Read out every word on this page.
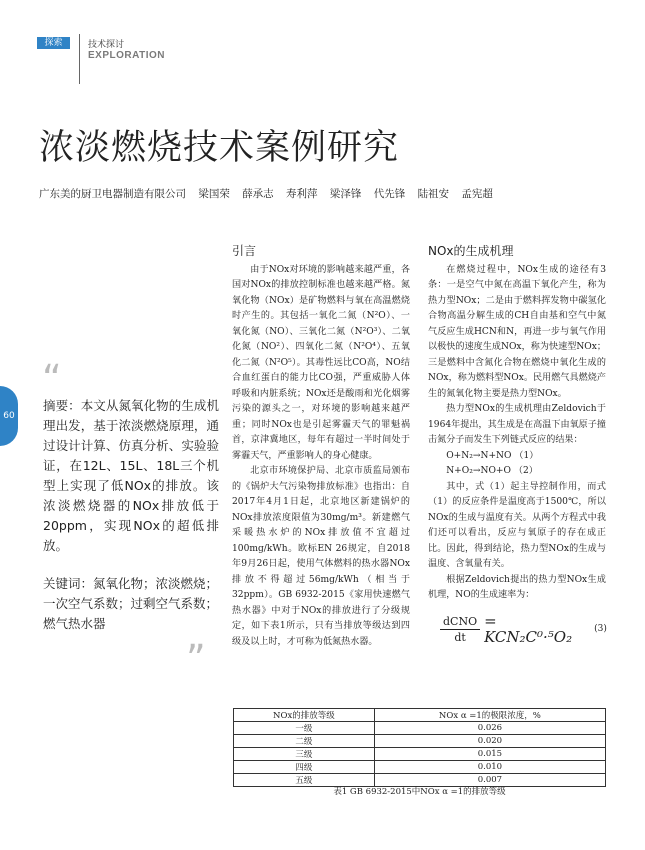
探索	技术探讨
EXPLORATION
浓淡燃烧技术案例研究
广东美的厨卫电器制造有限公司 梁国荣 薛承志 寿利萍 梁泽锋 代先锋 陆祖安 孟宪超
60
“
摘要：本文从氮氧化物的生成机理出发，基于浓淡燃烧原理，通过设计计算、仿真分析、实验验证，在12L、15L、18L三个机型上实现了低NOx的排放。该浓淡燃烧器的NOx排放低于20ppm，实现NOx的超低排放。
关键词：氮氧化物；浓淡燃烧；一次空气系数；过剩空气系数；燃气热水器
”
引言

由于NOx对环境的影响越来越严重，各国对NOx的排放控制标准也越来越严格。氮氧化物（NOx）是矿物燃料与氧在高温燃烧时产生的。其包括一氧化二氮（N²O）、一氧化氮（NO）、三氧化二氮（N²O³）、二氧化氮（NO²）、四氧化二氮（N²O⁴）、五氧化二氮（N²O⁵）。其毒性远比CO高，NO结合血红蛋白的能力比CO强，严重威胁人体呼吸和内脏系统；NOx还是酸雨和光化烟雾污染的源头之一，对环境的影响越来越严重；同时NOx也是引起雾霾天气的罪魁祸首，京津冀地区，每年有超过一半时间处于雾霾天气，严重影响人的身心健康。

北京市环境保护局、北京市质监局颁布的《锅炉大气污染物排放标准》也指出：自2017年4月1日起，北京地区新建锅炉的NOx排放浓度限值为30mg/m³。新建燃气采暖热水炉的NOx排放值不宜超过100mg/kWh。欧标EN 26规定，自2018年9月26日起，使用气体燃料的热水器NOx排放不得超过56mg/kWh（相当于32ppm）。GB 6932-2015《家用快速燃气热水器》中对于NOx的排放进行了分级规定，如下表1所示，只有当排放等级达到四级及以上时，才可称为低氮热水器。

NOx的生成机理

在燃烧过程中，NOx生成的途径有3条：一是空气中氮在高温下氧化产生，称为热力型NOx；二是由于燃料挥发物中碳氢化合物高温分解生成的CH自由基和空气中氮气反应生成HCN和N，再进一步与氧气作用以极快的速度生成NOx，称为快速型NOx；三是燃料中含氮化合物在燃烧中氧化生成的NOx，称为燃料型NOx。民用燃气具燃烧产生的氮氧化物主要是热力型NOx。

热力型NOx的生成机理由Zeldovich于1964年提出，其生成是在高温下由氧原子撞击氮分子而发生下列链式反应的结果：

O+N₂→N+NO （1）

N+O₂→NO+O （2）

其中，式（1）起主导控制作用，而式（1）的反应条件是温度高于1500℃，所以NOx的生成与温度有关。从两个方程式中我们还可以看出，反应与氧原子的存在成正比。因此，得到结论，热力型NOx的生成与温度、含氧量有关。

根据Zeldovich提出的热力型NOx生成机理，NO的生成速率为：

$\frac{\text{dCNO}}{dt} = KCN_2C^0\cdot^5O_2$ (3)
NOx的排放等级	NOx α =1的极限浓度，%
一级	0.026
二级	0.020
三级	0.015
四级	0.010
五级	0.007
表1 GB 6932-2015中NOx α =1的排放等级
